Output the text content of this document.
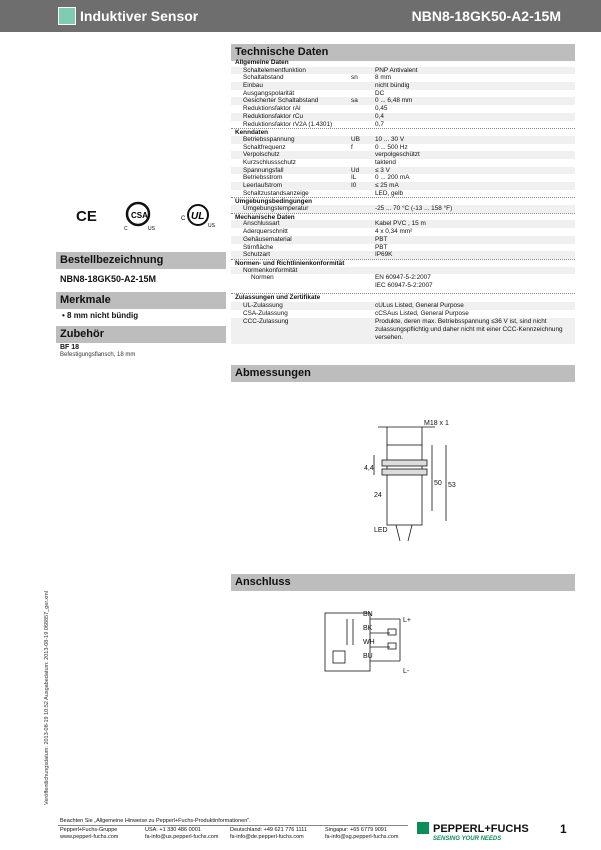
Induktiver Sensor	NBN8-18GK50-A2-15M
CE	CSA
C	US
UL
C
US
Bestellbezeichnung
NBN8-18GK50-A2-15M
Merkmale
• 8 mm nicht bündig
Zubehör
BF 18
Befestigungsflansch, 18 mm
Technische Daten
Allgemeine Daten
Schaltelementfunktion	PNP Antivalent
Schaltabstand	sn	8 mm
Einbau	nicht bündig
Ausgangspolarität	DC
Gesicherter Schaltabstand	sa	0 ... 6,48 mm
Reduktionsfaktor rAl	0,45
Reduktionsfaktor rCu	0,4
Reduktionsfaktor rV2A (1.4301)	0,7
Kenndaten
Betriebsspannung	UB 10 ... 30 V
Schaltfrequenz	f	0 ... 500 Hz
Verpolschutz	verpolgeschützt
Kurzschlussschutz	taktend
Spannungsfall	Ud ≤ 3 V
Betriebsstrom	IL	0 ... 200 mA
Leerlaufstrom	I0	≤ 25 mA
Schaltzustandsanzeige	LED, gelb
Umgebungsbedingungen
Umgebungstemperatur	-25 ... 70 °C (-13 ... 158 °F)
Mechanische Daten
Anschlussart	Kabel PVC , 15 m
Aderquerschnitt	4 x 0,34 mm²
Gehäusematerial	PBT
Stirnfläche	PBT
Schutzart	IP69K
Normen- und Richtlinienkonformität
Normenkonformität
Normen	EN 60947-5-2:2007
IEC 60947-5-2:2007
Zulassungen und Zertifikate
UL-Zulassung	cULus Listed, General Purpose
CSA-Zulassung	cCSAus Listed, General Purpose
CCC-Zulassung	Produkte, deren max. Betriebsspannung ≤36 V ist, sind nicht zulassungspflichtig und daher nicht mit einer CCC-Kennzeichnung versehen.
Abmessungen
M18 x 1
4,4
24
50 53
LED
Anschluss
BN
BK
WH
BU
L+
L-
Veröffentlichungsdatum: 2013-08-19 10:52 Ausgabedatum: 2013-08-19 068857_ger.xml
Beachten Sie „Allgemeine Hinweise zu Pepperl+Fuchs-Produktinformationen".
Pepperl+Fuchs-Gruppe
www.pepperl-fuchs.com
USA: +1 330 486 0001
fa-info@us.pepperl-fuchs.com
Deutschland: +49 621 776 1111
fa-info@de.pepperl-fuchs.com
Singapur: +65 6779 9091
fa-info@sg.pepperl-fuchs.com
PEPPERL+FUCHS
SENSING YOUR NEEDS
1
